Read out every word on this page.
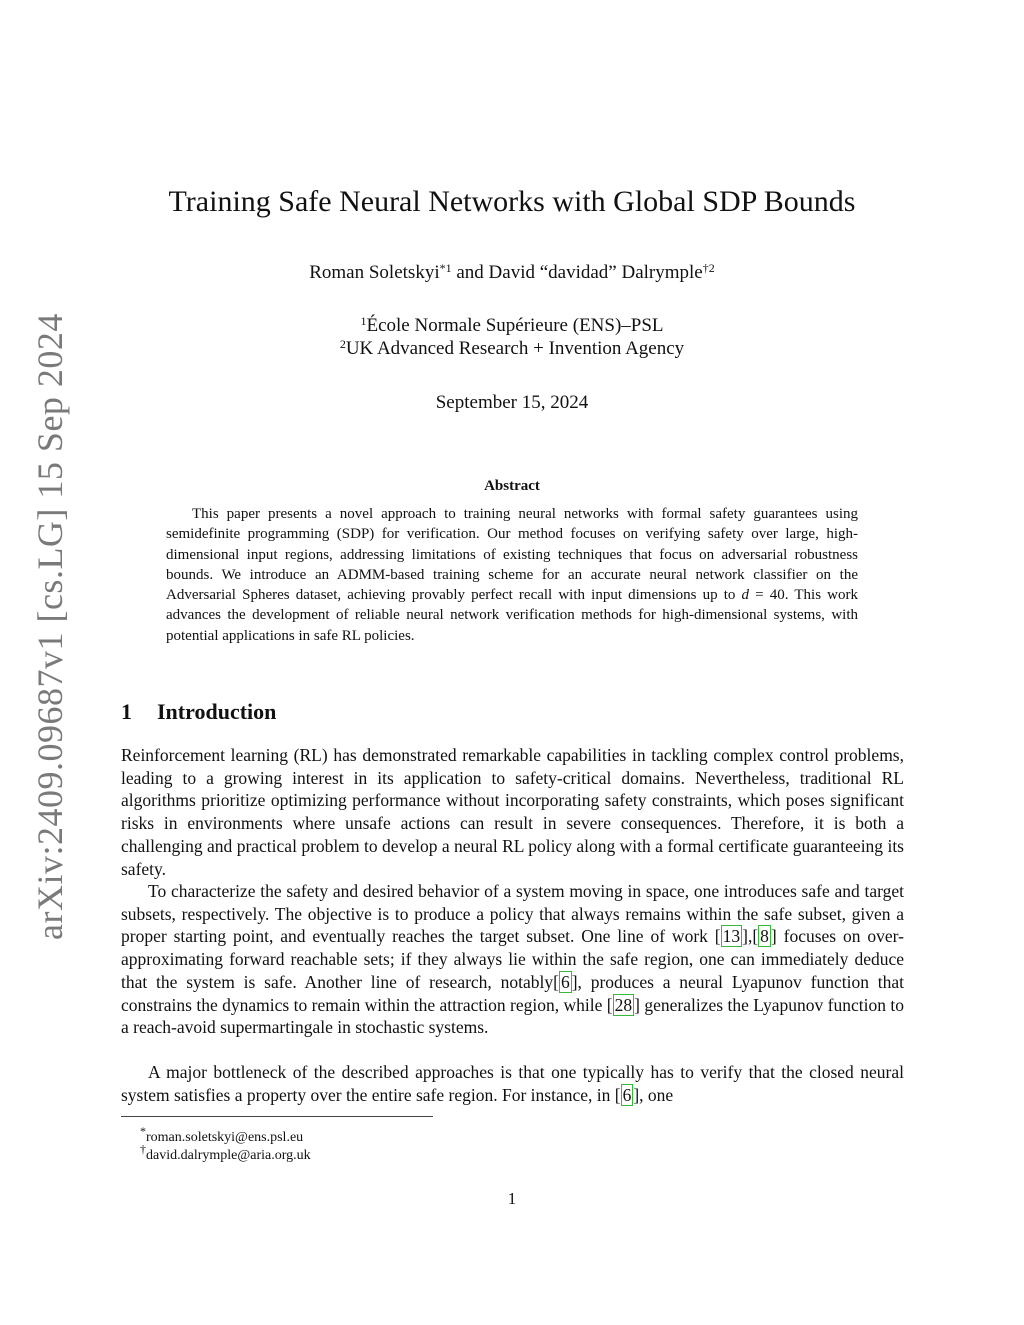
arXiv:2409.09687v1 [cs.LG] 15 Sep 2024
Training Safe Neural Networks with Global SDP Bounds
Roman Soletskyi$^{*1}$ and David “davidad” Dalrymple$^{\dagger 2}$
$^1$École Normale Supérieure (ENS)–PSL
$^2$UK Advanced Research + Invention Agency
September 15, 2024
Abstract

This paper presents a novel approach to training neural networks with formal safety guarantees using semidefinite programming (SDP) for verification. Our method focuses on verifying safety over large, high-dimensional input regions, addressing limitations of existing techniques that focus on adversarial robustness bounds. We introduce an ADMM-based training scheme for an accurate neural network classifier on the Adversarial Spheres dataset, achieving provably perfect recall with input dimensions up to d = 40. This work advances the development of reliable neural network verification methods for high-dimensional systems, with potential applications in safe RL policies.

1 Introduction

Reinforcement learning (RL) has demonstrated remarkable capabilities in tackling complex control problems, leading to a growing interest in its application to safety-critical domains. Nevertheless, traditional RL algorithms prioritize optimizing performance without incorporating safety constraints, which poses significant risks in environments where unsafe actions can result in severe consequences. Therefore, it is both a challenging and practical problem to develop a neural RL policy along with a formal certificate guaranteeing its safety.

To characterize the safety and desired behavior of a system moving in space, one introduces safe and target subsets, respectively. The objective is to produce a policy that always remains within the safe subset, given a proper starting point, and eventually reaches the target subset. One line of work [ 13 ],[ 8 ] focuses on over-approximating forward reachable sets; if they always lie within the safe region, one can immediately deduce that the system is safe. Another line of research, notably[ 6 ], produces a neural Lyapunov function that constrains the dynamics to remain within the attraction region, while [ 28 ] generalizes the Lyapunov function to a reach-avoid supermartingale in stochastic systems.

A major bottleneck of the described approaches is that one typically has to verify that the closed neural system satisfies a property over the entire safe region. For instance, in [ 6 ], one

*roman.soletskyi@ens.psl.eu
†david.dalrymple@aria.org.uk
1
